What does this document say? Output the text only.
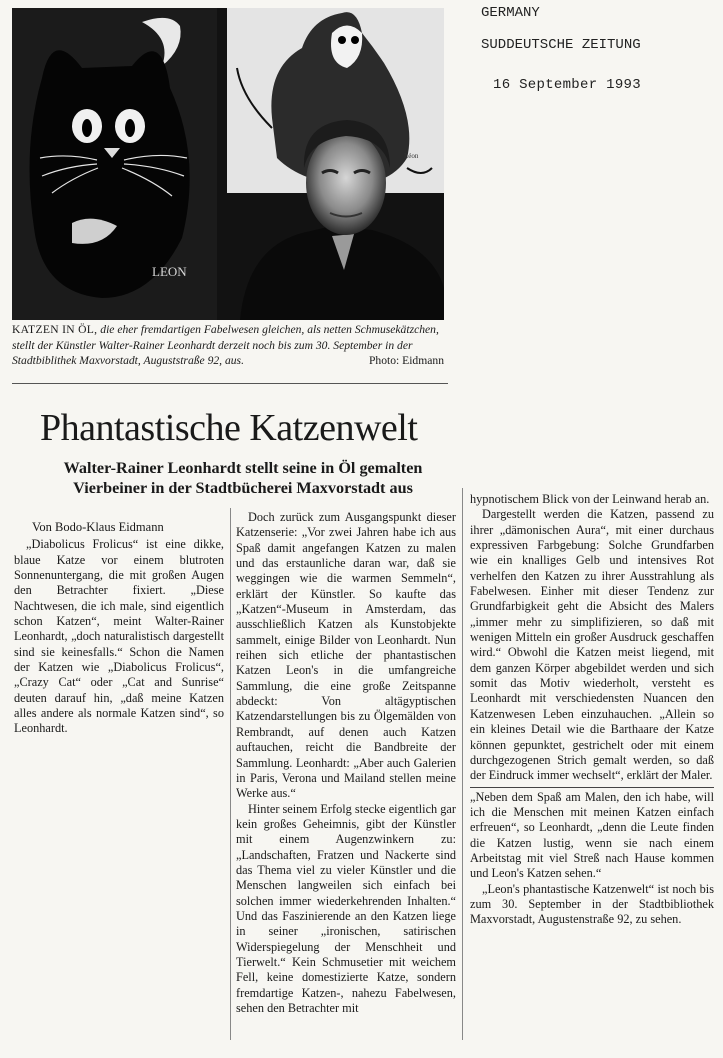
GERMANY
SUDDEUTSCHE ZEITUNG
16 September 1993
LEON
Léon
KATZEN IN ÖL, die eher fremdartigen Fabelwesen gleichen, als netten Schmusekätzchen, stellt der Künstler Walter-Rainer Leonhardt derzeit noch bis zum 30. September in der Stadtbiblithek Maxvorstadt, Auguststraße 92, aus.	Photo: Eidmann
Phantastische Katzenwelt
Walter-Rainer Leonhardt stellt seine in Öl gemalten Vierbeiner in der Stadtbücherei Maxvorstadt aus
Von Bodo-Klaus Eidmann

„Diabolicus Frolicus“ ist eine dikke, blaue Katze vor einem blutroten Sonnenuntergang, die mit großen Augen den Betrachter fixiert. „Diese Nachtwesen, die ich male, sind eigentlich schon Katzen“, meint Walter-Rainer Leonhardt, „doch naturalistisch dargestellt sind sie keinesfalls.“ Schon die Namen der Katzen wie „Diabolicus Frolicus“, „Crazy Cat“ oder „Cat and Sunrise“ deuten darauf hin, „daß meine Katzen alles andere als normale Katzen sind“, so Leonhardt.

Doch zurück zum Ausgangspunkt dieser Katzenserie: „Vor zwei Jahren habe ich aus Spaß damit angefangen Katzen zu malen und das erstaunliche daran war, daß sie weggingen wie die warmen Semmeln“, erklärt der Künstler. So kaufte das „Katzen“-Museum in Amsterdam, das ausschließlich Katzen als Kunstobjekte sammelt, einige Bilder von Leonhardt. Nun reihen sich etliche der phantastischen Katzen Leon's in die umfangreiche Sammlung, die eine große Zeitspanne abdeckt: Von altägyptischen Katzendarstellungen bis zu Ölgemälden von Rembrandt, auf denen auch Katzen auftauchen, reicht die Bandbreite der Sammlung. Leonhardt: „Aber auch Galerien in Paris, Verona und Mailand stellen meine Werke aus.“

Hinter seinem Erfolg stecke eigentlich gar kein großes Geheimnis, gibt der Künstler mit einem Augenzwinkern zu: „Landschaften, Fratzen und Nackerte sind das Thema viel zu vieler Künstler und die Menschen langweilen sich einfach bei solchen immer wiederkehrenden Inhalten.“ Und das Faszinierende an den Katzen liege in seiner „ironischen, satirischen Widerspiegelung der Menschheit und Tierwelt.“ Kein Schmusetier mit weichem Fell, keine domestizierte Katze, sondern fremdartige Katzen-, nahezu Fabelwesen, sehen den Betrachter mit

hypnotischem Blick von der Leinwand herab an.

Dargestellt werden die Katzen, passend zu ihrer „dämonischen Aura“, mit einer durchaus expressiven Farbgebung: Solche Grundfarben wie ein knalliges Gelb und intensives Rot verhelfen den Katzen zu ihrer Ausstrahlung als Fabelwesen. Einher mit dieser Tendenz zur Grundfarbigkeit geht die Absicht des Malers „immer mehr zu simplifizieren, so daß mit wenigen Mitteln ein großer Ausdruck geschaffen wird.“ Obwohl die Katzen meist liegend, mit dem ganzen Körper abgebildet werden und sich somit das Motiv wiederholt, versteht es Leonhardt mit verschiedensten Nuancen den Katzenwesen Leben einzuhauchen. „Allein so ein kleines Detail wie die Barthaare der Katze können gepunktet, gestrichelt oder mit einem durchgezogenen Strich gemalt werden, so daß der Eindruck immer wechselt“, erklärt der Maler.

„Neben dem Spaß am Malen, den ich habe, will ich die Menschen mit meinen Katzen einfach erfreuen“, so Leonhardt, „denn die Leute finden die Katzen lustig, wenn sie nach einem Arbeitstag mit viel Streß nach Hause kommen und Leon's Katzen sehen.“

„Leon's phantastische Katzenwelt“ ist noch bis zum 30. September in der Stadtbibliothek Maxvorstadt, Augustenstraße 92, zu sehen.
